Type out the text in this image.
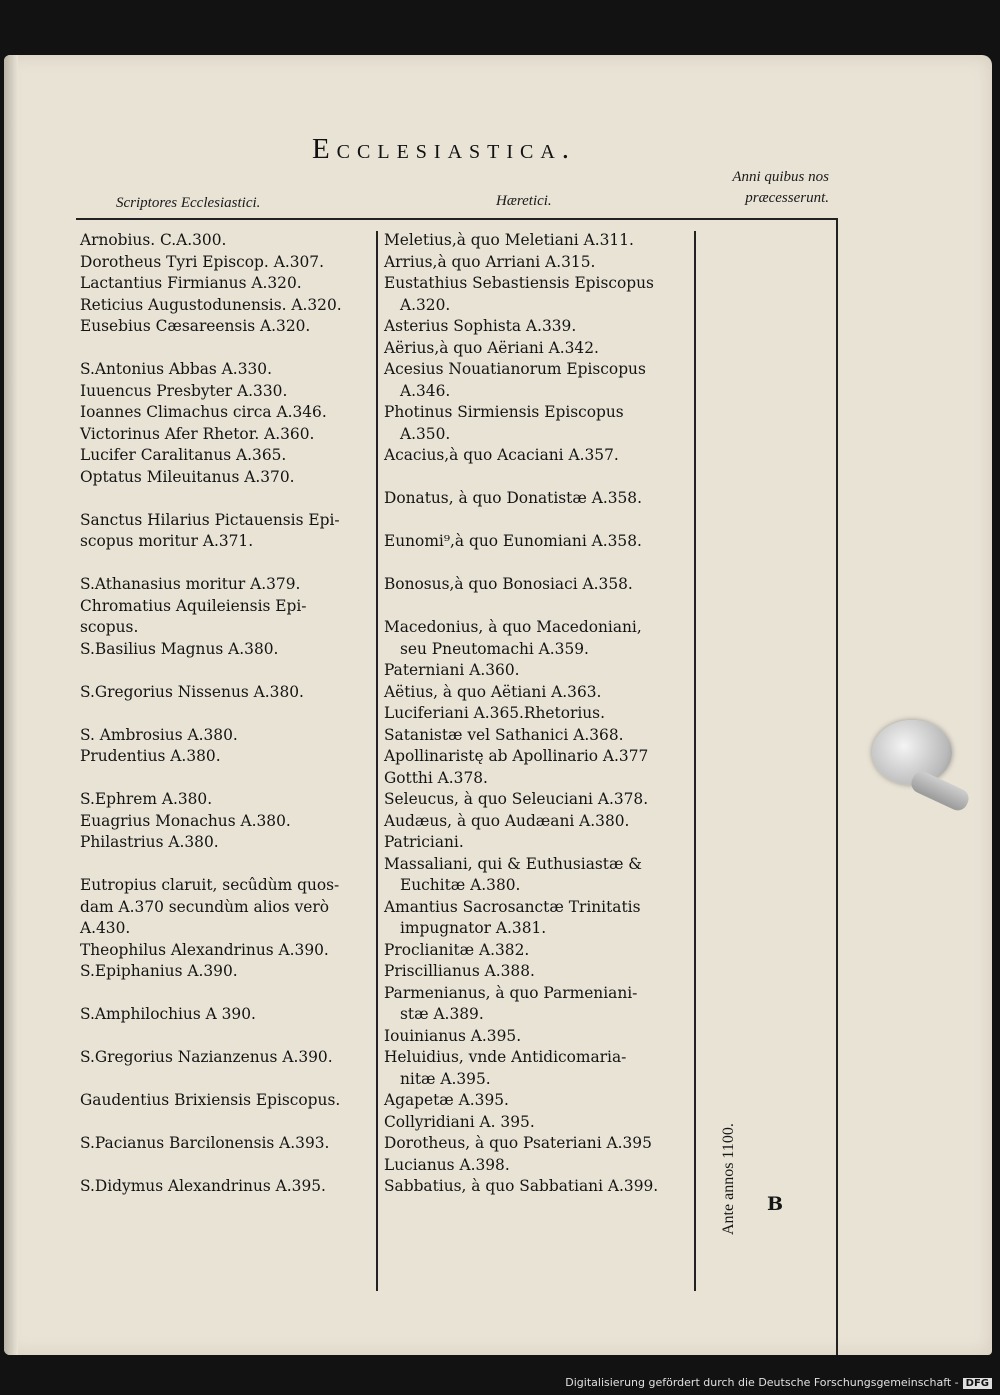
Ecclesiastica.
Scriptores Ecclesiastici.	Hæretici.
Anni quibus nos præcesserunt.
Arnobius. C.A.300.
Dorotheus Tyri Episcop. A.307.
Lactantius Firmianus A.320.
Reticius Augustodunensis. A.320.
Eusebius Cæsareensis A.320.
S.Antonius Abbas A.330.
Iuuencus Presbyter A.330.
Ioannes Climachus circa A.346.
Victorinus Afer Rhetor. A.360.
Lucifer Caralitanus A.365.
Optatus Mileuitanus A.370.
Sanctus Hilarius Pictauensis Epi-
scopus moritur A.371.
S.Athanasius moritur A.379.
Chromatius Aquileiensis Epi-
scopus.
S.Basilius Magnus A.380.
S.Gregorius Nissenus A.380.
S. Ambrosius A.380.
Prudentius A.380.
S.Ephrem A.380.
Euagrius Monachus A.380.
Philastrius A.380.
Eutropius claruit, secûdùm quos-
dam A.370 secundùm alios verò
A.430.
Theophilus Alexandrinus A.390.
S.Epiphanius A.390.
S.Amphilochius A 390.
S.Gregorius Nazianzenus A.390.
Gaudentius Brixiensis Episcopus.
S.Pacianus Barcilonensis A.393.
S.Didymus Alexandrinus A.395.
Meletius,à quo Meletiani A.311.
Arrius,à quo Arriani A.315.
Eustathius Sebastiensis Episcopus
A.320.
Asterius Sophista A.339.
Aërius,à quo Aëriani A.342.
Acesius Nouatianorum Episcopus
A.346.
Photinus Sirmiensis Episcopus
A.350.
Acacius,à quo Acaciani A.357.
Donatus, à quo Donatistæ A.358.
Eunomi⁹,à quo Eunomiani A.358.
Bonosus,à quo Bonosiaci A.358.
Macedonius, à quo Macedoniani,
seu Pneutomachi A.359.
Paterniani A.360.
Aëtius, à quo Aëtiani A.363.
Luciferiani A.365.Rhetorius.
Satanistæ vel Sathanici A.368.
Apollinaristę ab Apollinario A.377
Gotthi A.378.
Seleucus, à quo Seleuciani A.378.
Audæus, à quo Audæani A.380.
Patriciani.
Massaliani, qui & Euthusiastæ &
Euchitæ A.380.
Amantius Sacrosanctæ Trinitatis
impugnator A.381.
Proclianitæ A.382.
Priscillianus A.388.
Parmenianus, à quo Parmeniani-
stæ A.389.
Iouinianus A.395.
Heluidius, vnde Antidicomaria-
nitæ A.395.
Agapetæ A.395.
Collyridiani A. 395.
Dorotheus, à quo Psateriani A.395
Lucianus A.398.
Sabbatius, à quo Sabbatiani A.399.	Ante annos 1100. B
Digitalisierung gefördert durch die Deutsche Forschungsgemeinschaft - DFG
